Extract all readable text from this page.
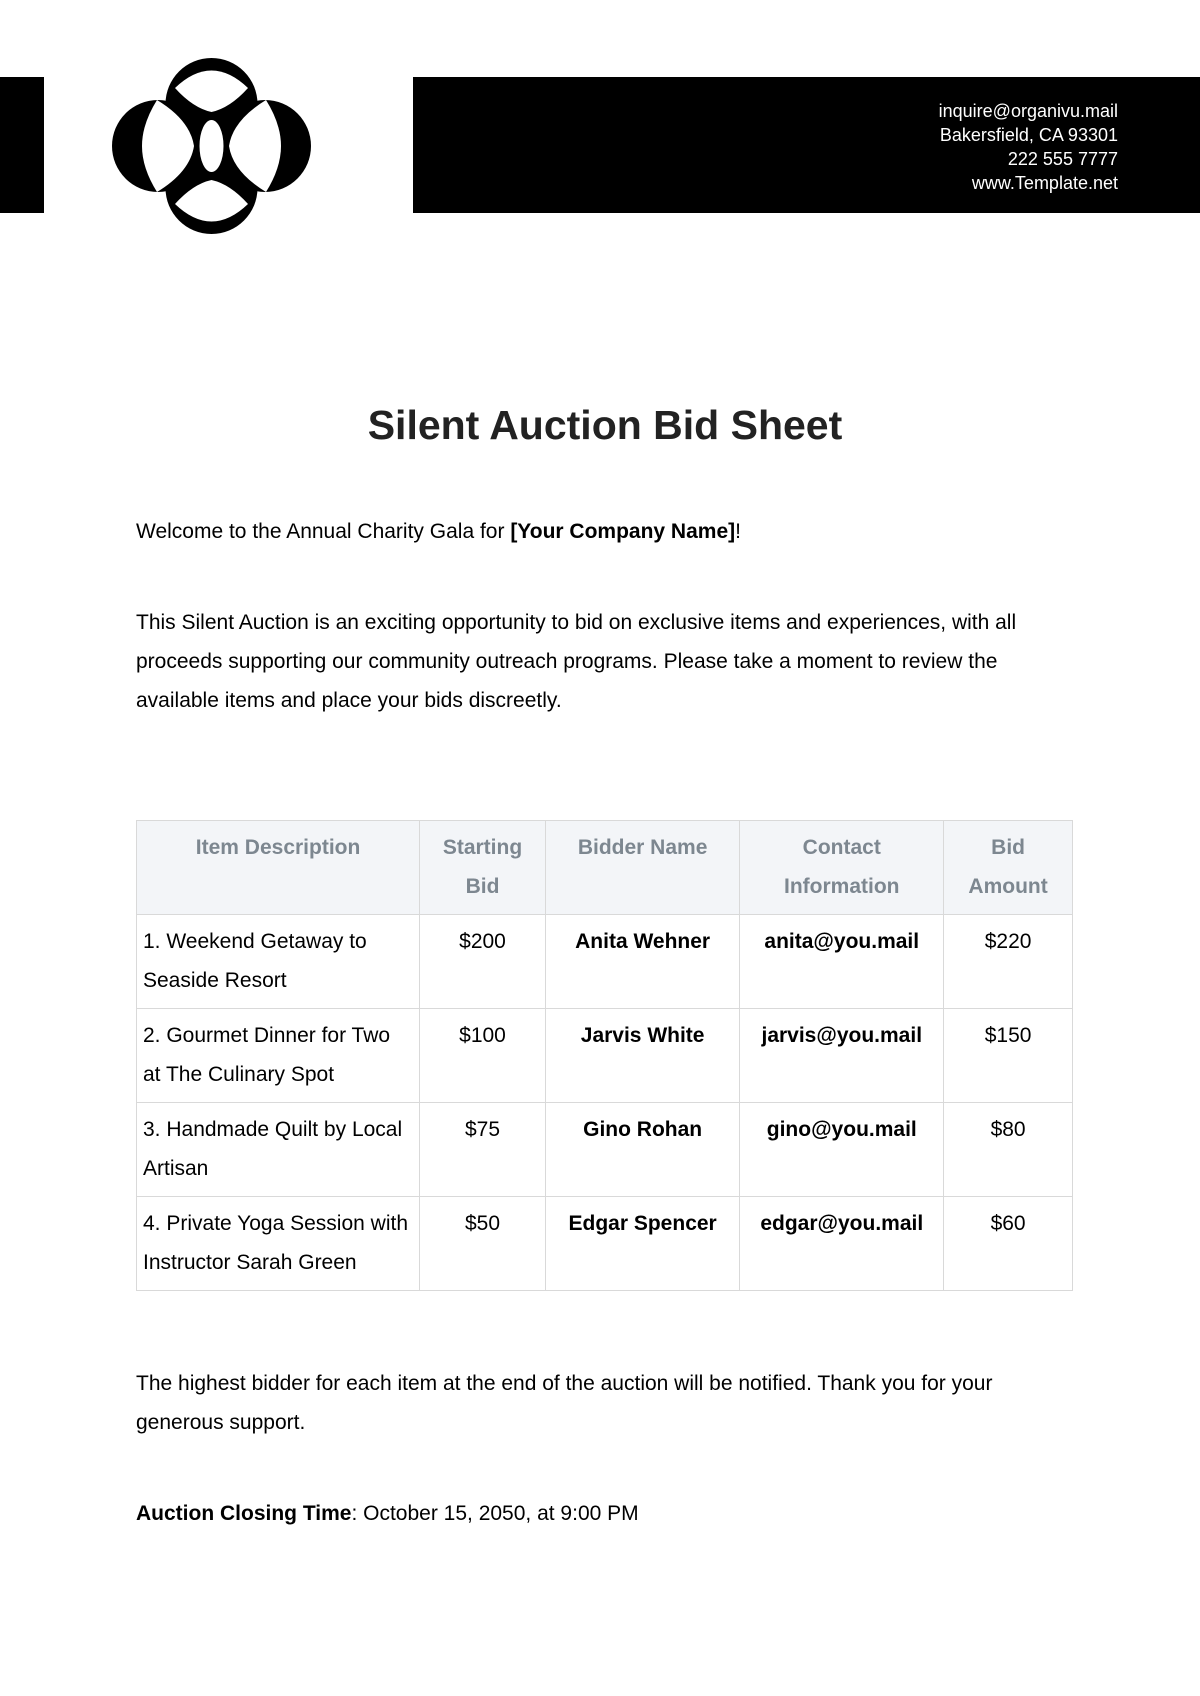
inquire@organivu.mail
Bakersfield, CA 93301
222 555 7777
www.Template.net
Silent Auction Bid Sheet

Welcome to the Annual Charity Gala for [Your Company Name]!

This Silent Auction is an exciting opportunity to bid on exclusive items and experiences, with all proceeds supporting our community outreach programs. Please take a moment to review the available items and place your bids discreetly.

Item Description	Starting Bid	Bidder Name	Contact Information	Bid Amount
1. Weekend Getaway to Seaside Resort	$200	Anita Wehner	anita@you.mail	$220
2. Gourmet Dinner for Two at The Culinary Spot	$100	Jarvis White	jarvis@you.mail	$150
3. Handmade Quilt by Local Artisan	$75	Gino Rohan	gino@you.mail	$80
4. Private Yoga Session with Instructor Sarah Green	$50	Edgar Spencer	edgar@you.mail	$60

The highest bidder for each item at the end of the auction will be notified. Thank you for your generous support.

Auction Closing Time: October 15, 2050, at 9:00 PM
